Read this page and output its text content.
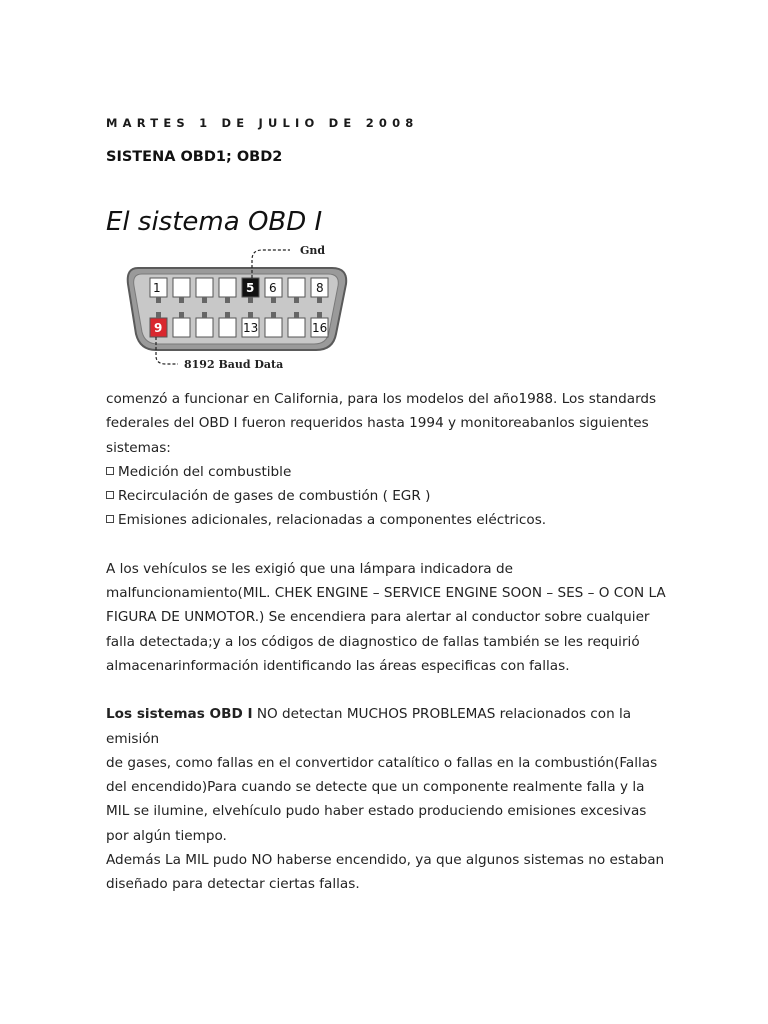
MARTES 1 DE JULIO DE 2008
SISTENA OBD1; OBD2
El sistema OBD I
1	5 6	8
9	13	16
Gnd
8192 Baud Data

comenzó a funcionar en California, para los modelos del año1988. Los standards

federales del OBD I fueron requeridos hasta 1994 y monitoreabanlos siguientes

sistemas:

Medición del combustible

Recirculación de gases de combustión ( EGR )

Emisiones adicionales, relacionadas a componentes eléctricos.

A los vehículos se les exigió que una lámpara indicadora de

malfuncionamiento(MIL. CHEK ENGINE – SERVICE ENGINE SOON – SES – O CON LA

FIGURA DE UNMOTOR.) Se encendiera para alertar al conductor sobre cualquier

falla detectada;y a los códigos de diagnostico de fallas también se les requirió

almacenarinformación identificando las áreas especificas con fallas.

Los sistemas OBD I NO detectan MUCHOS PROBLEMAS relacionados con la emisión

de gases, como fallas en el convertidor catalítico o fallas en la combustión(Fallas

del encendido)Para cuando se detecte que un componente realmente falla y la

MIL se ilumine, elvehículo pudo haber estado produciendo emisiones excesivas

por algún tiempo.

Además La MIL pudo NO haberse encendido, ya que algunos sistemas no estaban

diseñado para detectar ciertas fallas.
